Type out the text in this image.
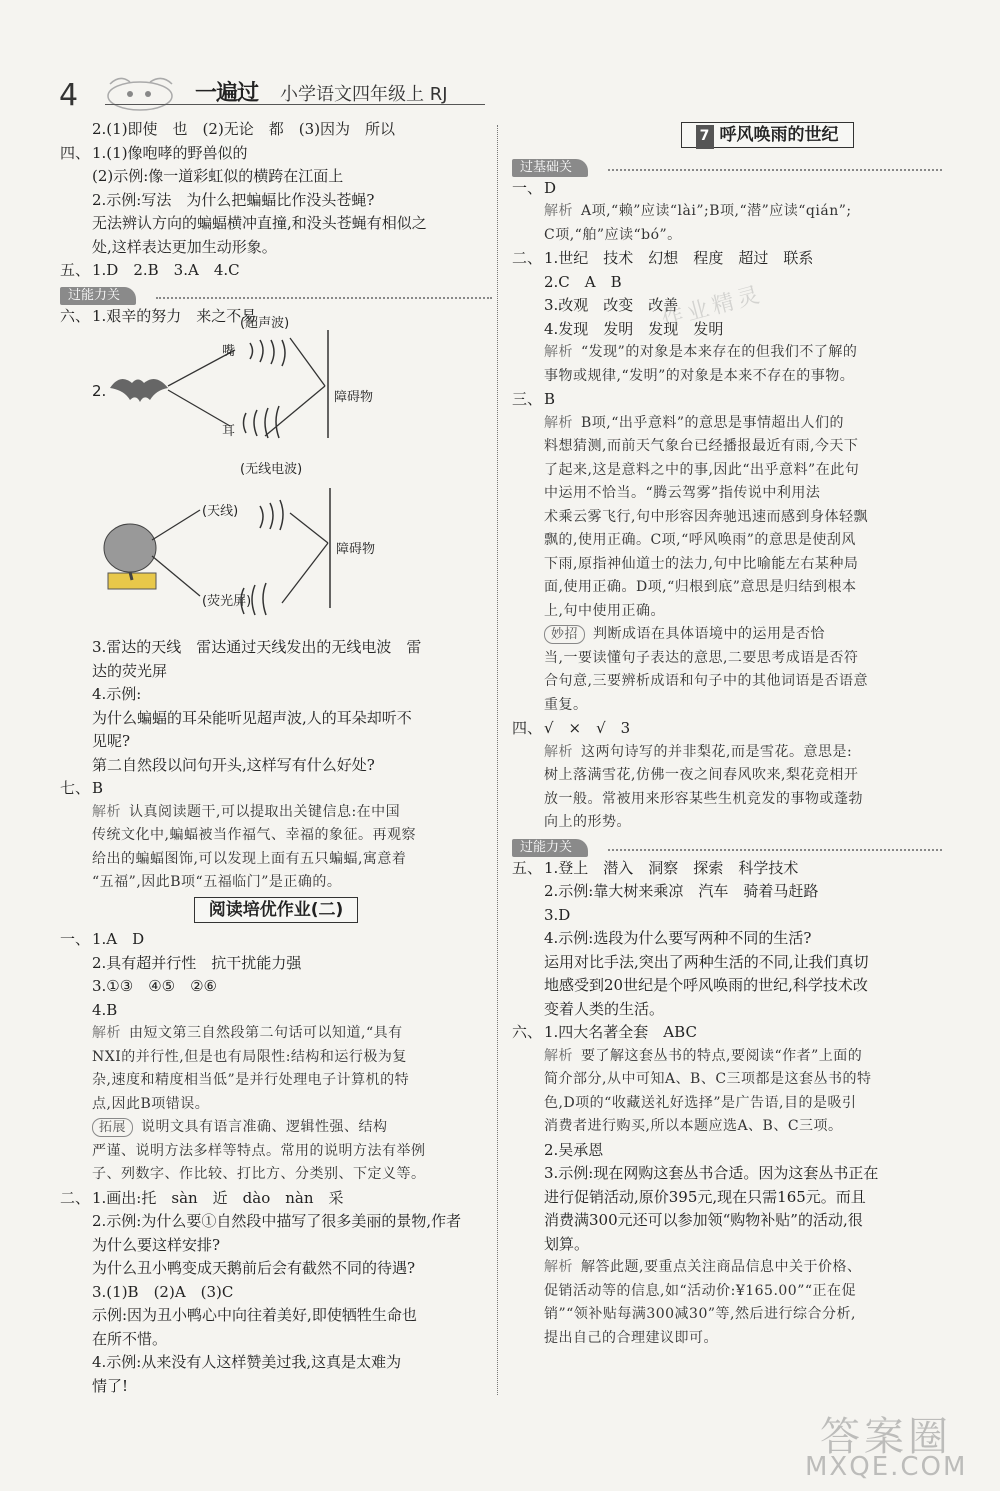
4	一遍过 小学语文四年级上 RJ
2.(1)即使　也　(2)无论　都　(3)因为　所以
四、 1.(1)像咆哮的野兽似的
(2)示例:像一道彩虹似的横跨在江面上
2.示例:写法　为什么把蝙蝠比作没头苍蝇?
无法辨认方向的蝙蝠横冲直撞,和没头苍蝇有相似之
处,这样表达更加生动形象。
五、 1.D　2.B　3.A　4.C
过能力关
六、 1.艰辛的努力　来之不易
(超声波)
嘴
耳
障碍物
2.
(无线电波)
(天线)
(荧光屏)
障碍物
3.雷达的天线　雷达通过天线发出的无线电波　雷
达的荧光屏
4.示例:
为什么蝙蝠的耳朵能听见超声波,人的耳朵却听不
见呢?
第二自然段以问句开头,这样写有什么好处?
七、 B
解析 认真阅读题干,可以提取出关键信息:在中国
传统文化中,蝙蝠被当作福气、幸福的象征。再观察
给出的蝙蝠图饰,可以发现上面有五只蝙蝠,寓意着
“五福”,因此B项“五福临门”是正确的。
阅读培优作业(二)
一、 1.A　D
2.具有超并行性　抗干扰能力强
3.①③　④⑤　②⑥
4.B
解析 由短文第三自然段第二句话可以知道,“具有
NXI的并行性,但是也有局限性:结构和运行极为复
杂,速度和精度相当低”是并行处理电子计算机的特
点,因此B项错误。
拓展 说明文具有语言准确、逻辑性强、结构
严谨、说明方法多样等特点。常用的说明方法有举例
子、列数字、作比较、打比方、分类别、下定义等。
二、 1.画出:托　sàn　近　dào　nàn　采
2.示例:为什么要①自然段中描写了很多美丽的景物,作者
为什么要这样安排?
为什么丑小鸭变成天鹅前后会有截然不同的待遇?
3.(1)B　(2)A　(3)C
示例:因为丑小鸭心中向往着美好,即使牺牲生命也
在所不惜。
4.示例:从来没有人这样赞美过我,这真是太难为
情了!
7 呼风唤雨的世纪
过基础关
一、 D
解析 A项,“赖”应读“lài”;B项,“潜”应读“qián”;
C项,“舶”应读“bó”。
二、 1.世纪　技术　幻想　程度　超过　联系
2.C　A　B
3.改观　改变　改善
4.发现　发明　发现　发明
解析 “发现”的对象是本来存在的但我们不了解的
事物或规律,“发明”的对象是本来不存在的事物。
三、 B
解析 B项,“出乎意料”的意思是事情超出人们的
料想猜测,而前天气象台已经播报最近有雨,今天下
了起来,这是意料之中的事,因此“出乎意料”在此句
中运用不恰当。“腾云驾雾”指传说中利用法
术乘云雾飞行,句中形容因奔驰迅速而感到身体轻飘
飘的,使用正确。C项,“呼风唤雨”的意思是使刮风
下雨,原指神仙道士的法力,句中比喻能左右某种局
面,使用正确。D项,“归根到底”意思是归结到根本
上,句中使用正确。
妙招 判断成语在具体语境中的运用是否恰
当,一要读懂句子表达的意思,二要思考成语是否符
合句意,三要辨析成语和句子中的其他词语是否语意
重复。
四、 √　×　√　3
解析 这两句诗写的并非梨花,而是雪花。意思是:
树上落满雪花,仿佛一夜之间春风吹来,梨花竞相开
放一般。常被用来形容某些生机竞发的事物或蓬勃
向上的形势。
过能力关
五、 1.登上　潜入　洞察　探索　科学技术
2.示例:靠大树来乘凉　汽车　骑着马赶路
3.D
4.示例:选段为什么要写两种不同的生活?
运用对比手法,突出了两种生活的不同,让我们真切
地感受到20世纪是个呼风唤雨的世纪,科学技术改
变着人类的生活。
六、 1.四大名著全套　ABC
解析 要了解这套丛书的特点,要阅读“作者”上面的
简介部分,从中可知A、B、C三项都是这套丛书的特
色,D项的“收藏送礼好选择”是广告语,目的是吸引
消费者进行购买,所以本题应选A、B、C三项。
2.吴承恩
3.示例:现在网购这套丛书合适。因为这套丛书正在
进行促销活动,原价395元,现在只需165元。而且
消费满300元还可以参加领“购物补贴”的活动,很
划算。
解析 解答此题,要重点关注商品信息中关于价格、
促销活动等的信息,如“活动价:¥165.00”“正在促
销”“领补贴每满300减30”等,然后进行综合分析,
提出自己的合理建议即可。
作业精灵
答案圈
MXQE.COM
